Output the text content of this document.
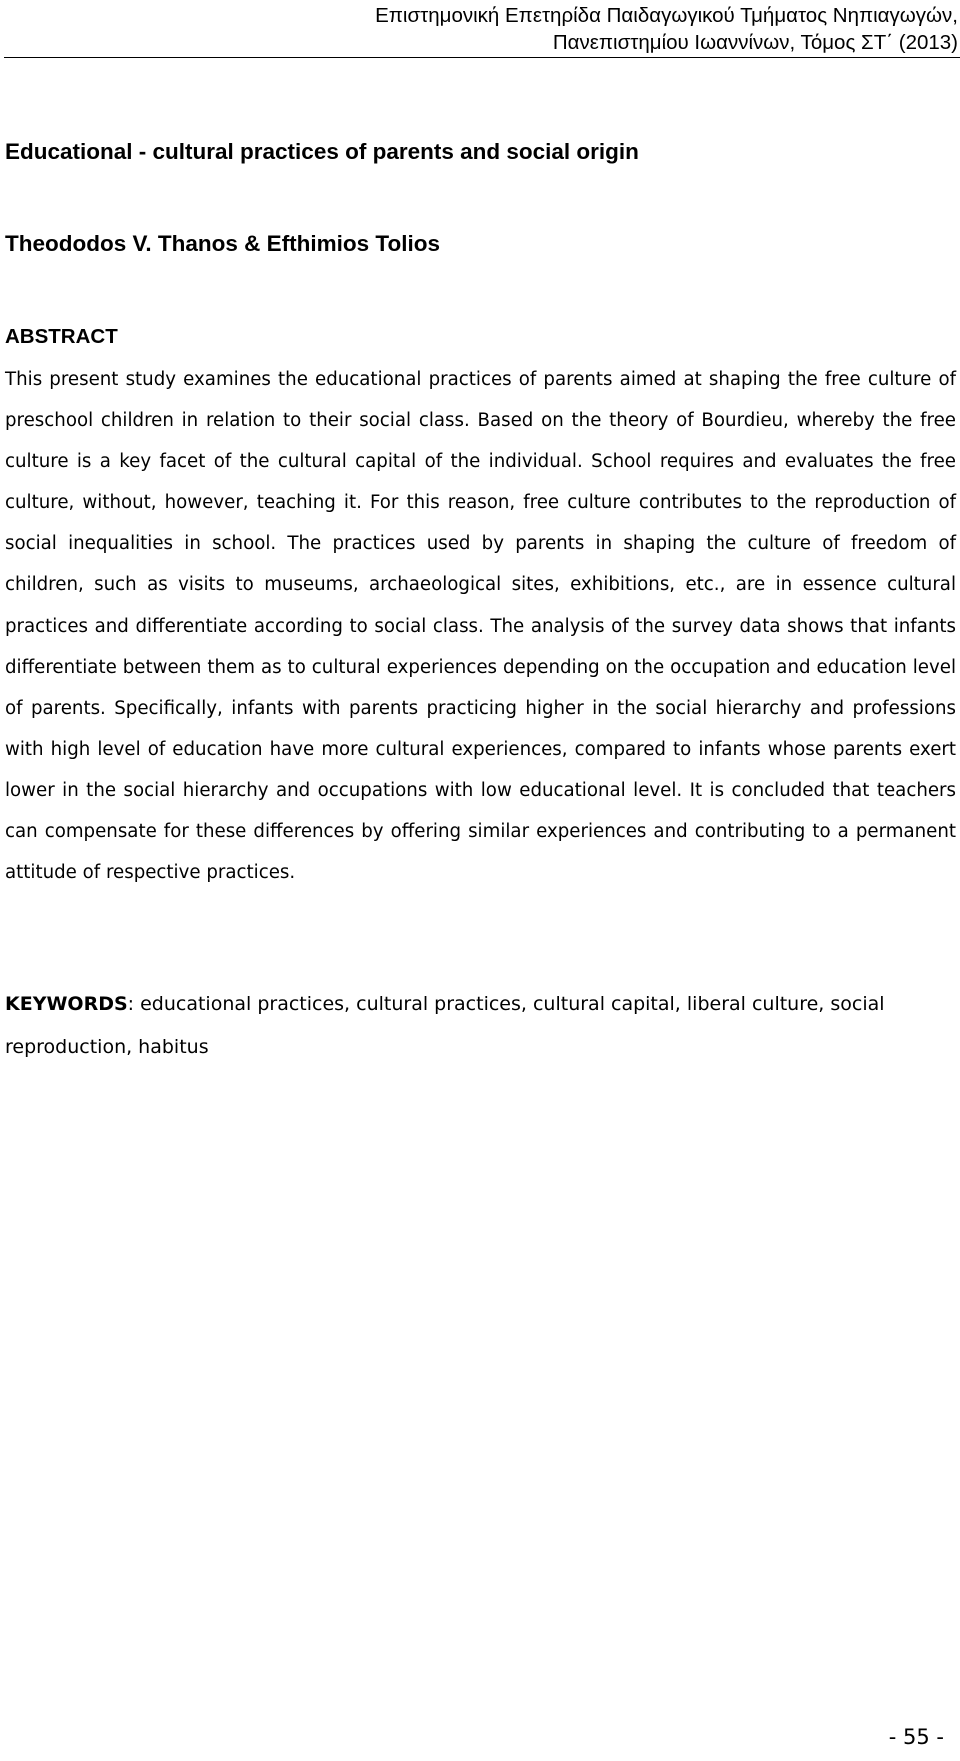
Επιστημονική Επετηρίδα Παιδαγωγικού Τμήματος Νηπιαγωγών,
Πανεπιστημίου Ιωαννίνων, Τόμος ΣΤ΄ (2013)
Educational - cultural practices of parents and social origin
Theododos V. Thanos & Efthimios Tolios
ABSTRACT

This present study examines the educational practices of parents aimed at shaping the free culture of preschool children in relation to their social class. Based on the theory of Bourdieu, whereby the free culture is a key facet of the cultural capital of the individual. School requires and evaluates the free culture, without, however, teaching it. For this reason, free culture contributes to the reproduction of social inequalities in school. The practices used by parents in shaping the culture of freedom of children, such as visits to museums, archaeological sites, exhibitions, etc., are in essence cultural practices and differentiate according to social class. The analysis of the survey data shows that infants differentiate between them as to cultural experiences depending on the occupation and education level of parents. Specifically, infants with parents practicing higher in the social hierarchy and professions with high level of education have more cultural experiences, compared to infants whose parents exert lower in the social hierarchy and occupations with low educational level. It is concluded that teachers can compensate for these differences by offering similar experiences and contributing to a permanent attitude of respective practices.

KEYWORDS: educational practices, cultural practices, cultural capital, liberal culture, social reproduction, habitus

- 55 -
